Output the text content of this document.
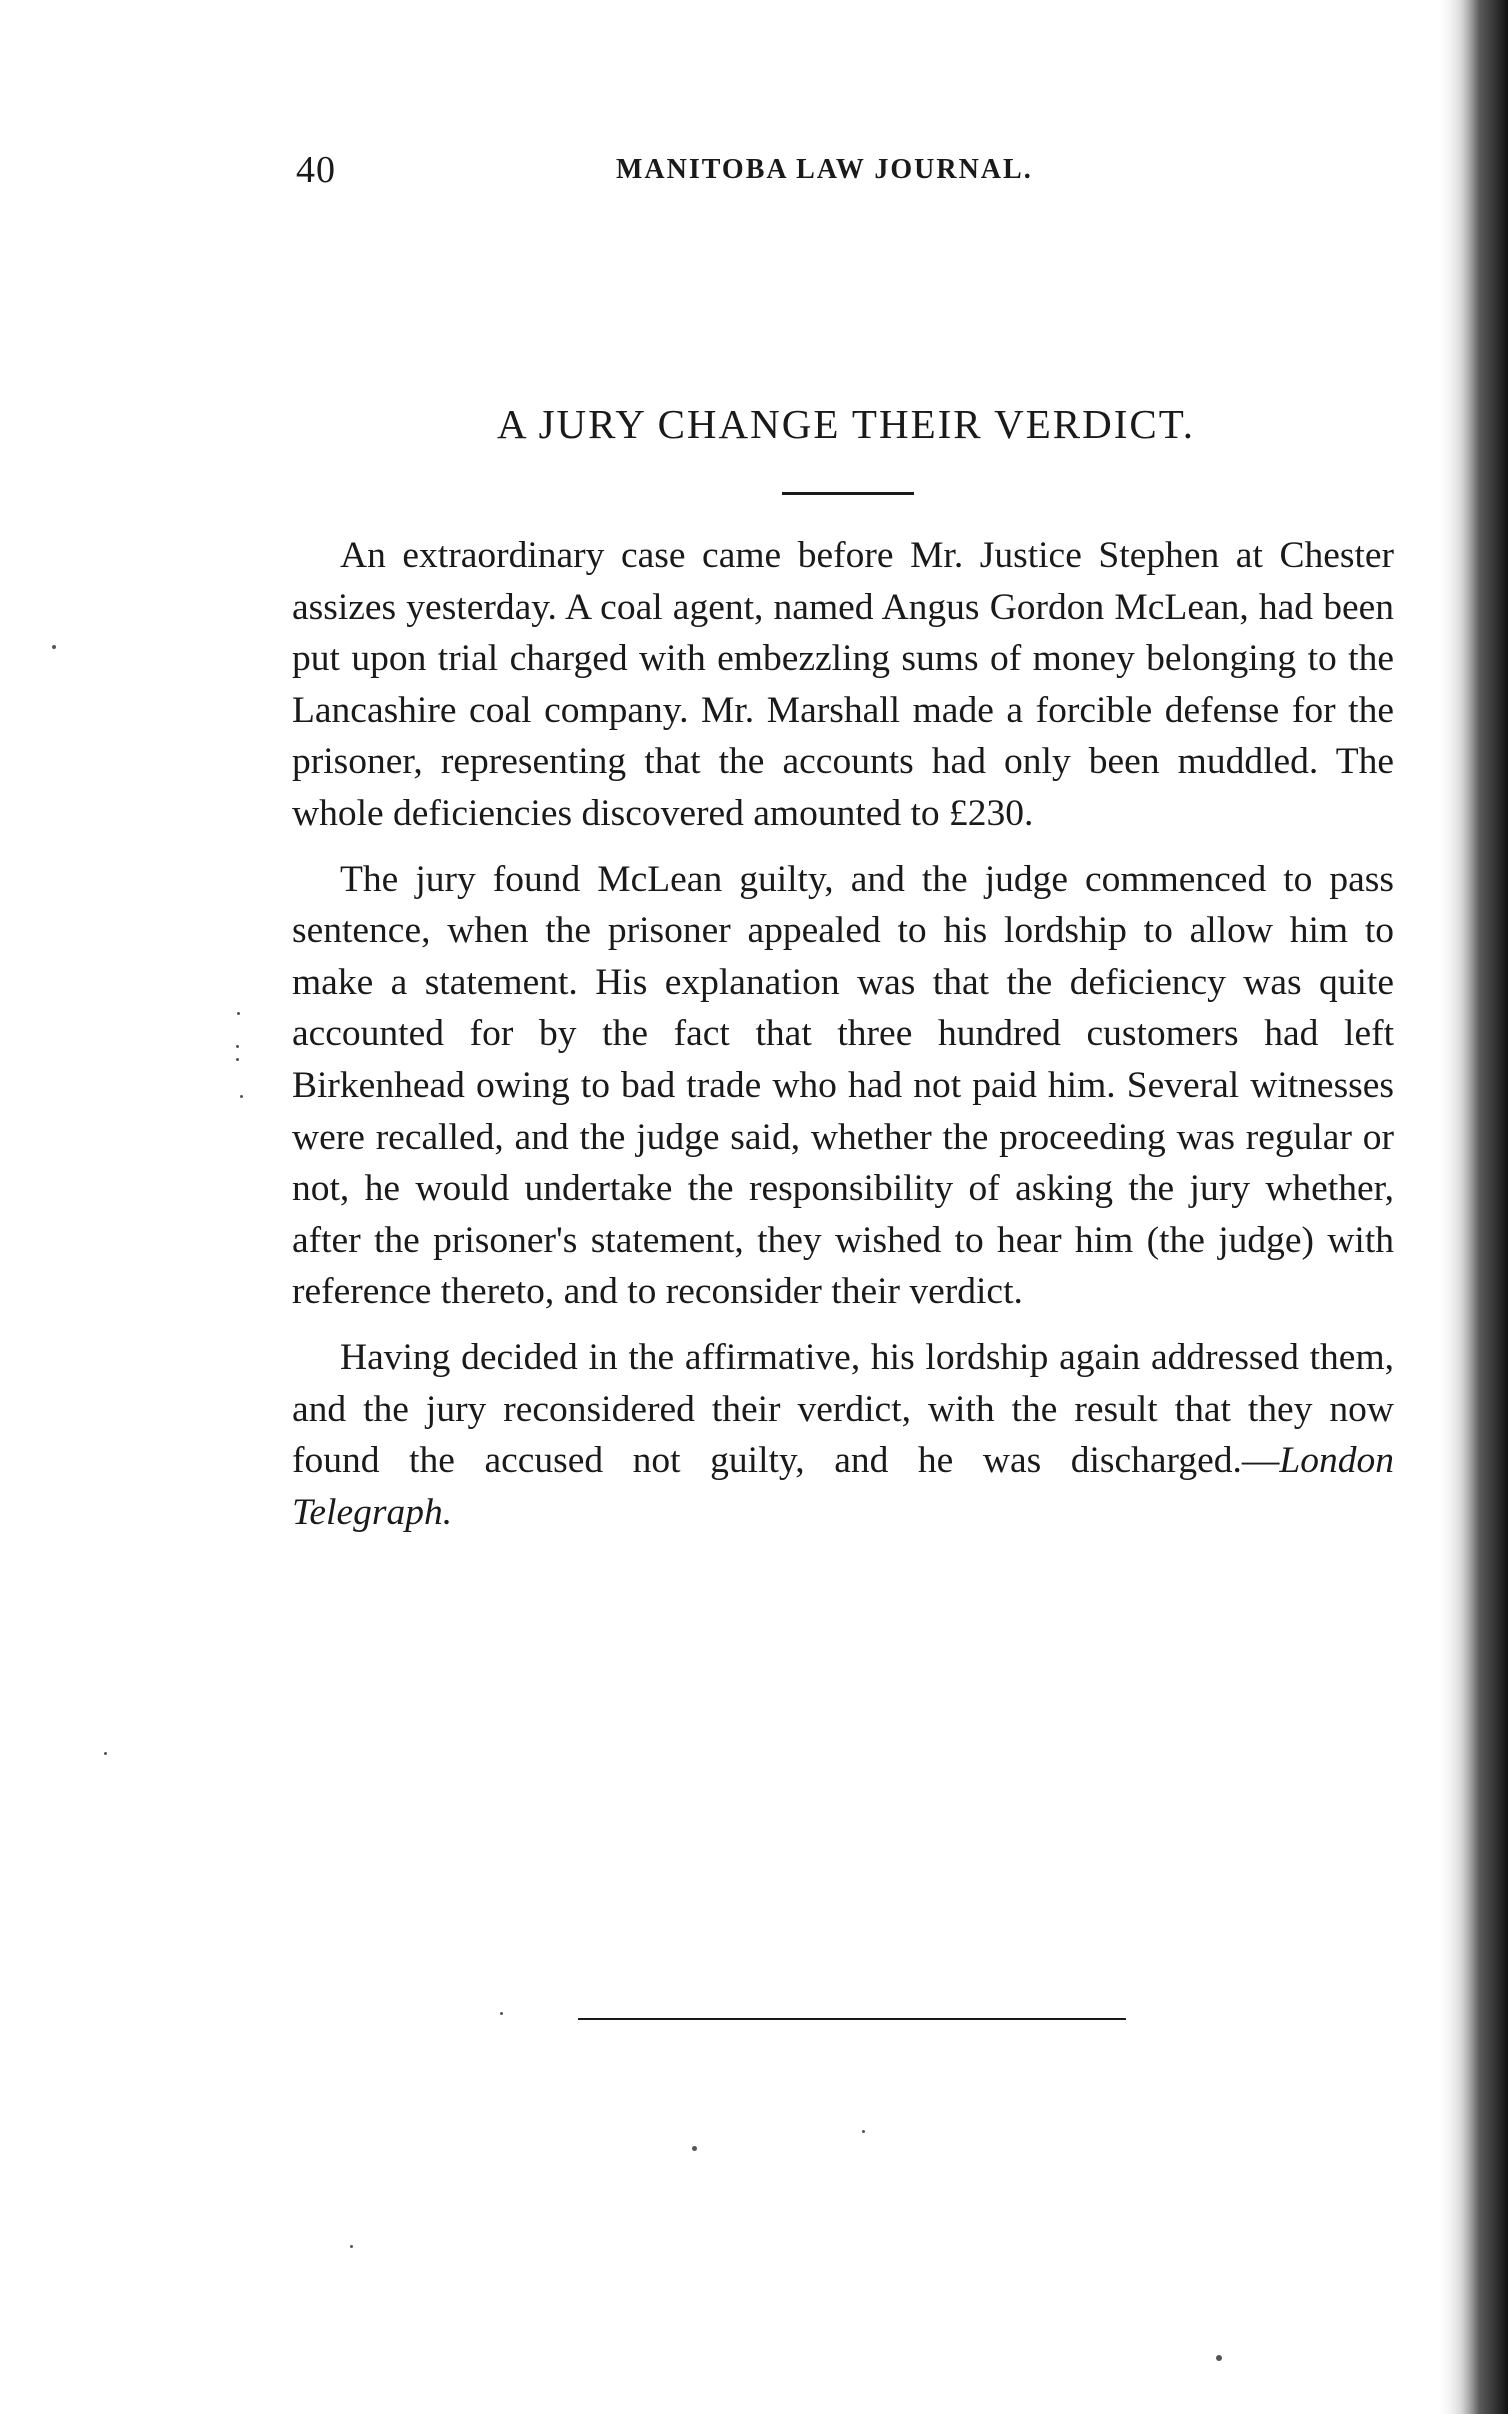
40	MANITOBA LAW JOURNAL.
A JURY CHANGE THEIR VERDICT.

An extraordinary case came before Mr. Justice Stephen at Chester assizes yesterday. A coal agent, named Angus Gordon McLean, had been put upon trial charged with embezzling sums of money belonging to the Lancashire coal company. Mr. Marshall made a forcible defense for the prisoner, representing that the accounts had only been muddled. The whole deficiencies discovered amounted to £230.

The jury found McLean guilty, and the judge commenced to pass sentence, when the prisoner appealed to his lordship to allow him to make a statement. His explanation was that the deficiency was quite accounted for by the fact that three hundred customers had left Birkenhead owing to bad trade who had not paid him. Several witnesses were recalled, and the judge said, whether the proceeding was regular or not, he would undertake the responsibility of asking the jury whether, after the prisoner's statement, they wished to hear him (the judge) with reference thereto, and to reconsider their verdict.

Having decided in the affirmative, his lordship again addressed them, and the jury reconsidered their verdict, with the result that they now found the accused not guilty, and he was discharged.—London Telegraph.
